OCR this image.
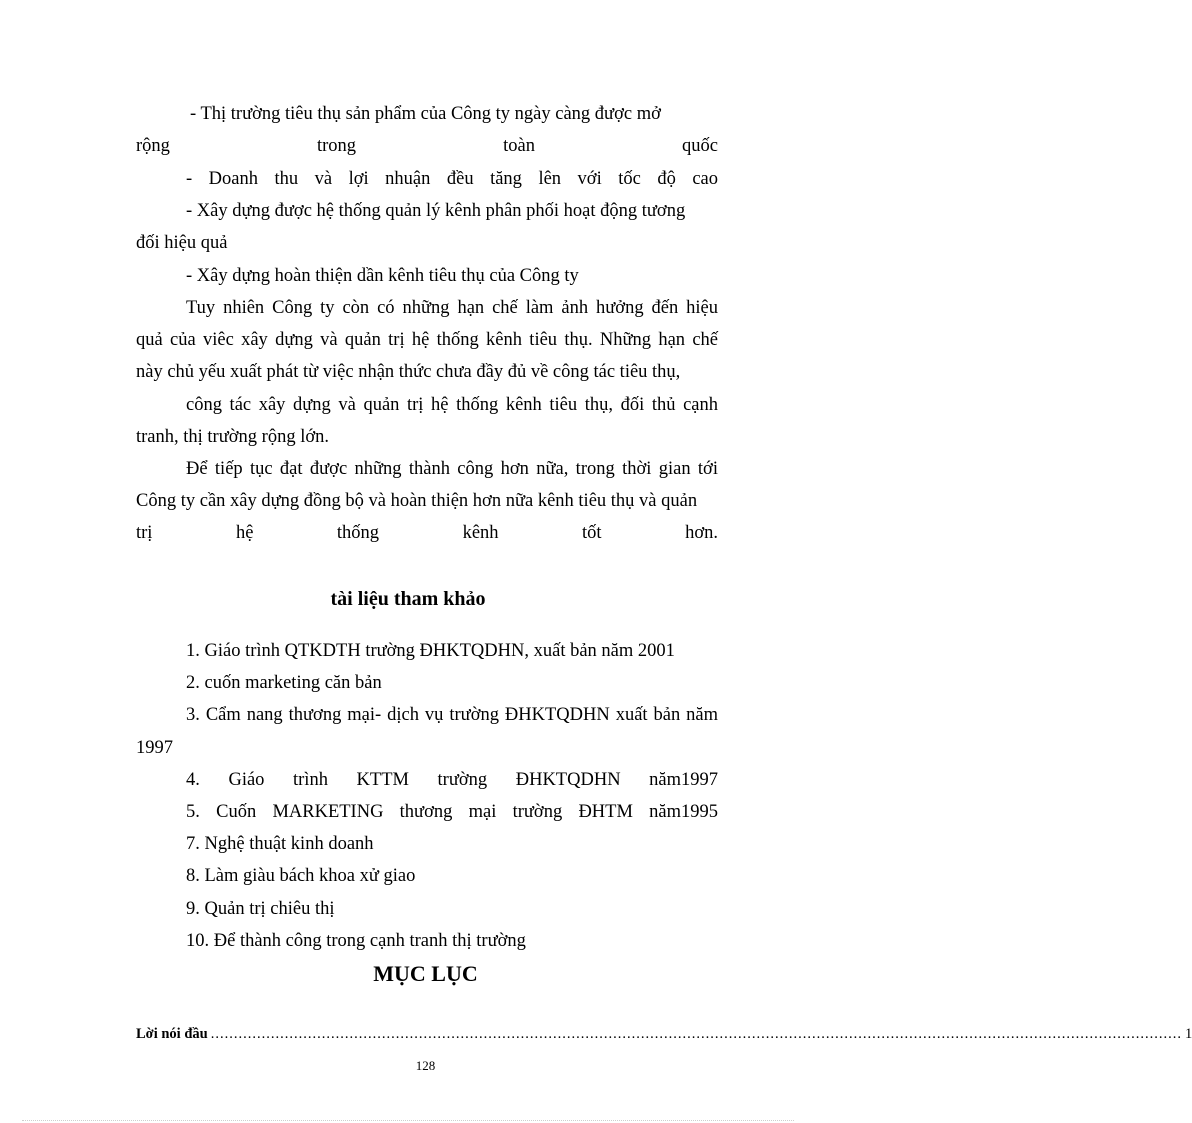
- Thị trường tiêu thụ sản phẩm của Công ty ngày càng được mở
rộng trong toàn quốc
- Doanh thu và lợi nhuận đều tăng lên với tốc độ cao
- Xây dựng được hệ thống quản lý kênh phân phối hoạt động tương
đối hiệu quả
- Xây dựng hoàn thiện dần kênh tiêu thụ của Công ty
Tuy nhiên Công ty còn có những hạn chế làm ảnh hưởng đến hiệu
quả của viêc xây dựng và quản trị hệ thống kênh tiêu thụ. Những hạn chế
này chủ yếu xuất phát từ việc nhận thức chưa đầy đủ về công tác tiêu thụ,
công tác xây dựng và quản trị hệ thống kênh tiêu thụ, đối thủ cạnh
tranh, thị trường rộng lớn.
Để tiếp tục đạt được những thành công hơn nữa, trong thời gian tới
Công ty cần xây dựng đồng bộ và hoàn thiện hơn nữa kênh tiêu thụ và quản
trị hệ thống kênh tốt hơn.
tài liệu tham khảo
1. Giáo trình QTKDTH trường ĐHKTQDHN, xuất bản năm 2001
2. cuốn marketing căn bản
3. Cẩm nang thương mại- dịch vụ trường ĐHKTQDHN xuất bản năm
1997
4. Giáo trình KTTM trường ĐHKTQDHN năm1997
5. Cuốn MARKETING thương mại trường ĐHTM năm1995
7. Nghệ thuật kinh doanh
8. Làm giàu bách khoa xử giao
9. Quản trị chiêu thị
10. Để thành công trong cạnh tranh thị trường
MỤC LỤC
Lời nói đầu .................................................................................................................................................................................................................. 1
128
